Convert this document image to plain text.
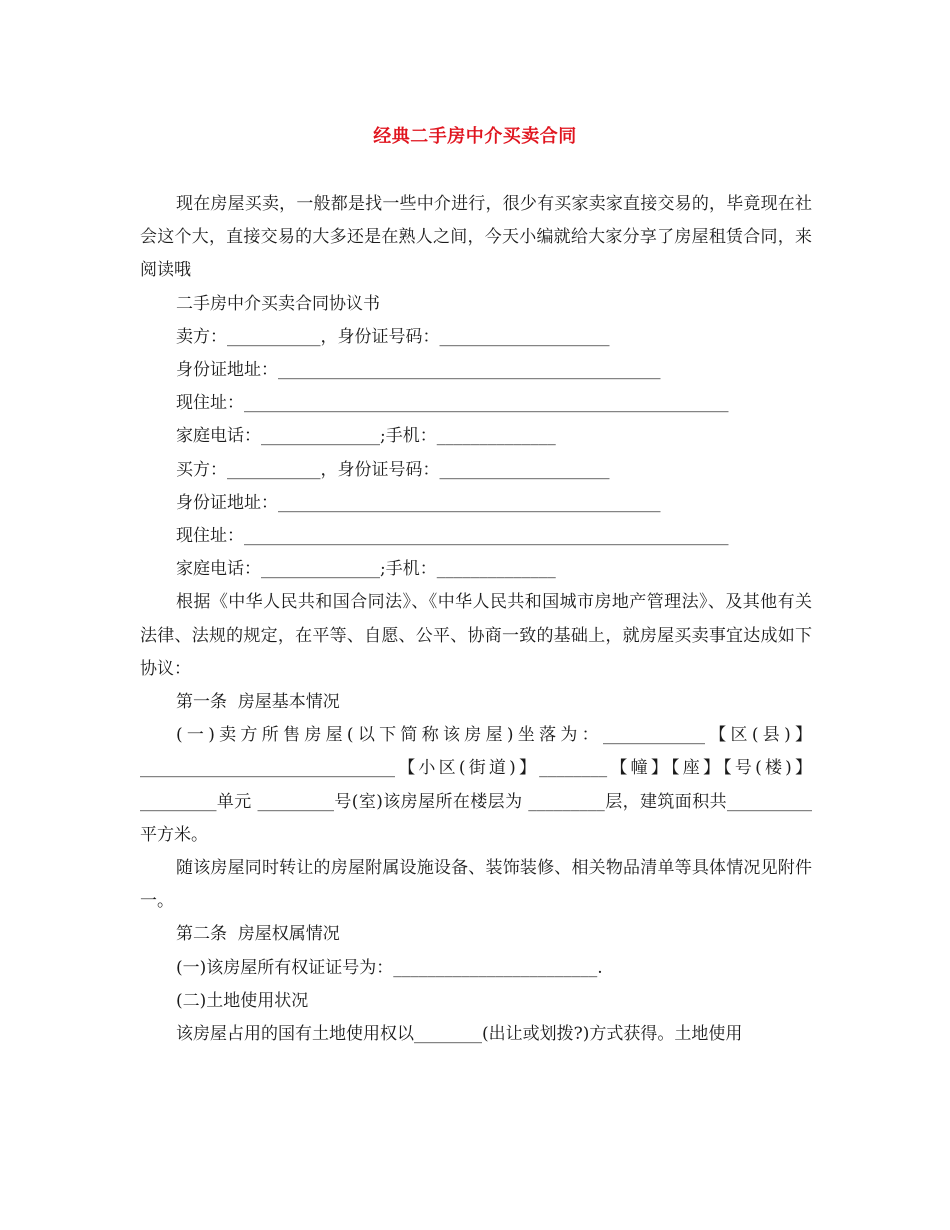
经典二手房中介买卖合同

现在房屋买卖，一般都是找一些中介进行，很少有买家卖家直接交易的，毕竟现在社会这个大，直接交易的大多还是在熟人之间，今天小编就给大家分享了房屋租赁合同，来阅读哦

二手房中介买卖合同协议书

卖方：___________，身份证号码：____________________

身份证地址：_____________________________________________

现住址：_________________________________________________________

家庭电话：______________;手机：______________

买方：___________，身份证号码：____________________

身份证地址：_____________________________________________

现住址：_________________________________________________________

家庭电话：______________;手机：______________

根据《中华人民共和国合同法》、《中华人民共和国城市房地产管理法》、及其他有关法律、法规的规定，在平等、自愿、公平、协商一致的基础上，就房屋买卖事宜达成如下协议：

第一条  房屋基本情况

(一)卖方所售房屋(以下简称该房屋)坐落为：____________【区(县)】 ______________________________【小区(街道)】________【幢】【座】【号(楼)】_________单元 _________号(室)该房屋所在楼层为 _________层，建筑面积共__________平方米。

随该房屋同时转让的房屋附属设施设备、装饰装修、相关物品清单等具体情况见附件一。

第二条  房屋权属情况

(一)该房屋所有权证证号为：________________________.

(二)土地使用状况

该房屋占用的国有土地使用权以________(出让或划拨?)方式获得。土地使用
